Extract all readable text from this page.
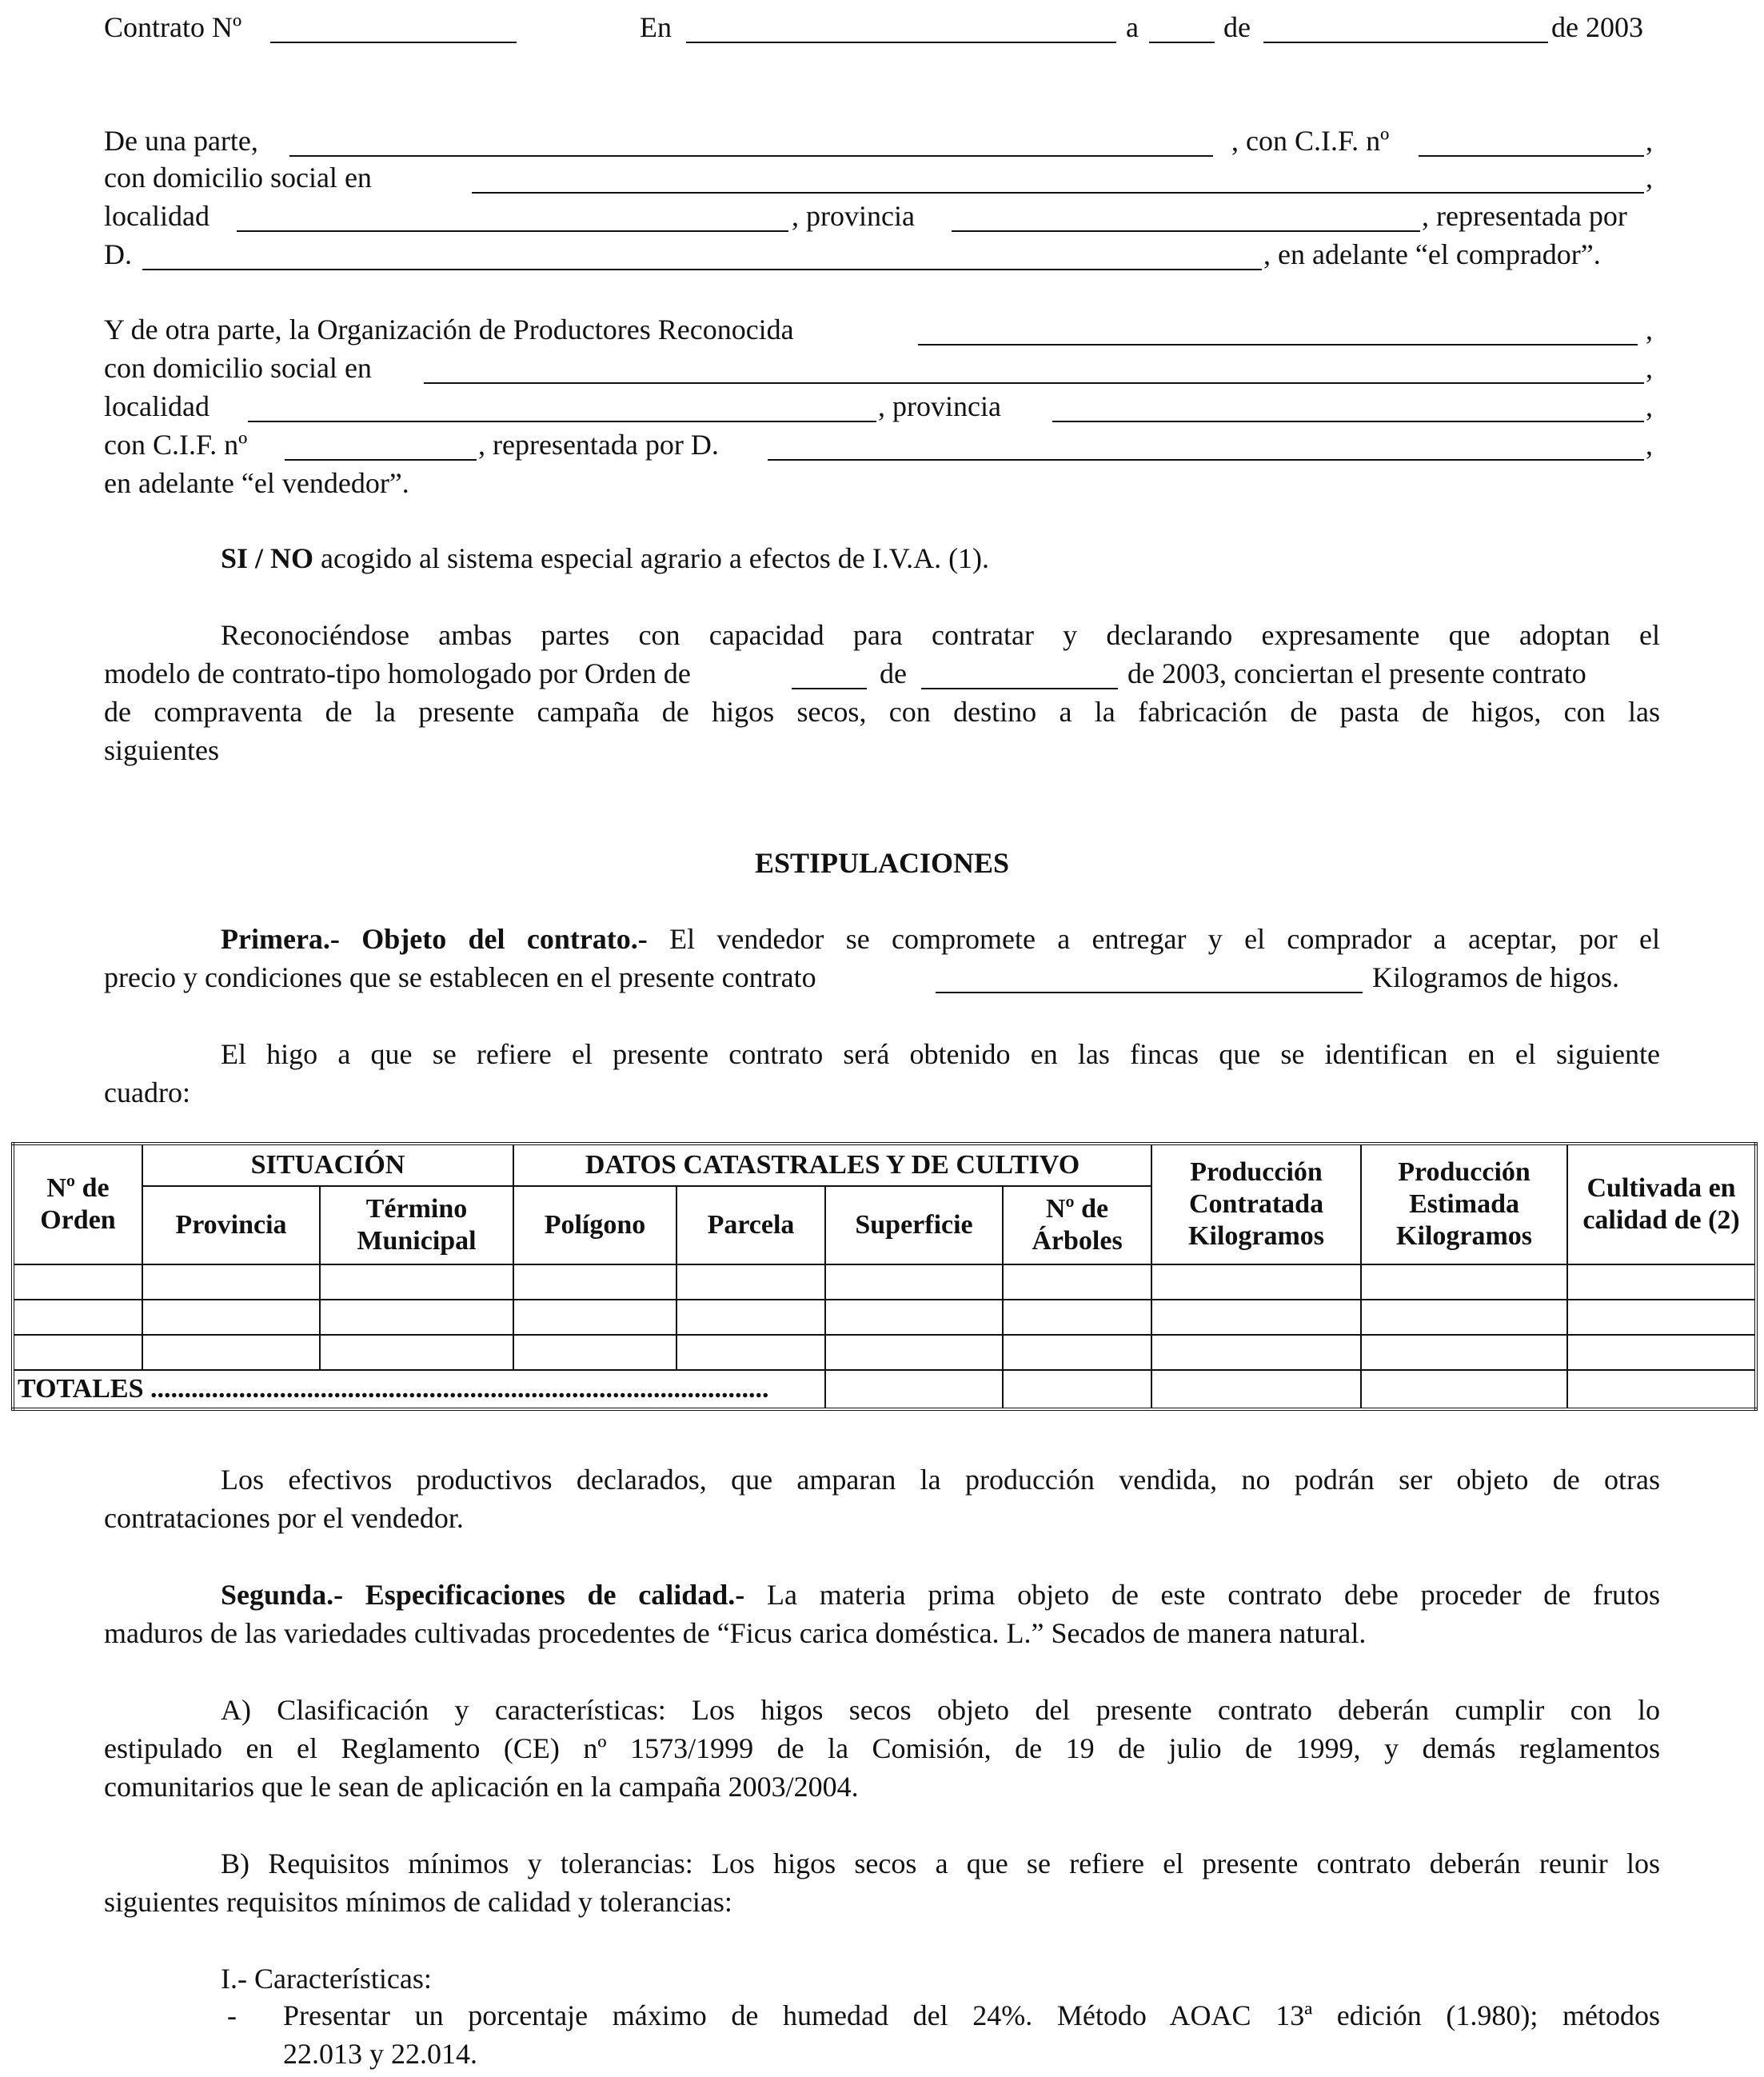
Contrato Nº	En	a	de	de 2003
De una parte,	, con C.I.F. nº	,
con domicilio social en	,
localidad	, provincia	, representada por
D.	, en adelante “el comprador”.
Y de otra parte, la Organización de Productores Reconocida	,
con domicilio social en	,
localidad	, provincia	,
con C.I.F. nº	, representada por D.	,
en adelante “el vendedor”.
SI / NO acogido al sistema especial agrario a efectos de I.V.A. (1).
Reconociéndose ambas partes con capacidad para contratar y declarando expresamente que adoptan el
modelo de contrato-tipo homologado por Orden de	de	de 2003, conciertan el presente contrato
de compraventa de la presente campaña de higos secos, con destino a la fabricación de pasta de higos, con las
siguientes
ESTIPULACIONES
Primera.- Objeto del contrato.- El vendedor se compromete a entregar y el comprador a aceptar, por el
precio y condiciones que se establecen en el presente contrato	Kilogramos de higos.
El higo a que se refiere el presente contrato será obtenido en las fincas que se identifican en el siguiente
cuadro:
Nº de Orden	SITUACIÓN		DATOS CATASTRALES Y DE CULTIVO				Producción Contratada Kilogramos	Producción Estimada Kilogramos	Cultivada en calidad de (2)
	Provincia	Término Municipal	Polígono	Parcela	Superficie	Nº de Árboles			

TOTALES ...........................................................................................									
Los efectivos productivos declarados, que amparan la producción vendida, no podrán ser objeto de otras
contrataciones por el vendedor.
Segunda.- Especificaciones de calidad.- La materia prima objeto de este contrato debe proceder de frutos
maduros de las variedades cultivadas procedentes de “Ficus carica doméstica. L.” Secados de manera natural.
A) Clasificación y características: Los higos secos objeto del presente contrato deberán cumplir con lo
estipulado en el Reglamento (CE) nº 1573/1999 de la Comisión, de 19 de julio de 1999, y demás reglamentos
comunitarios que le sean de aplicación en la campaña 2003/2004.
B) Requisitos mínimos y tolerancias: Los higos secos a que se refiere el presente contrato deberán reunir los
siguientes requisitos mínimos de calidad y tolerancias:
I.- Características:
- Presentar un porcentaje máximo de humedad del 24%. Método AOAC 13ª edición (1.980); métodos
22.013 y 22.014.
